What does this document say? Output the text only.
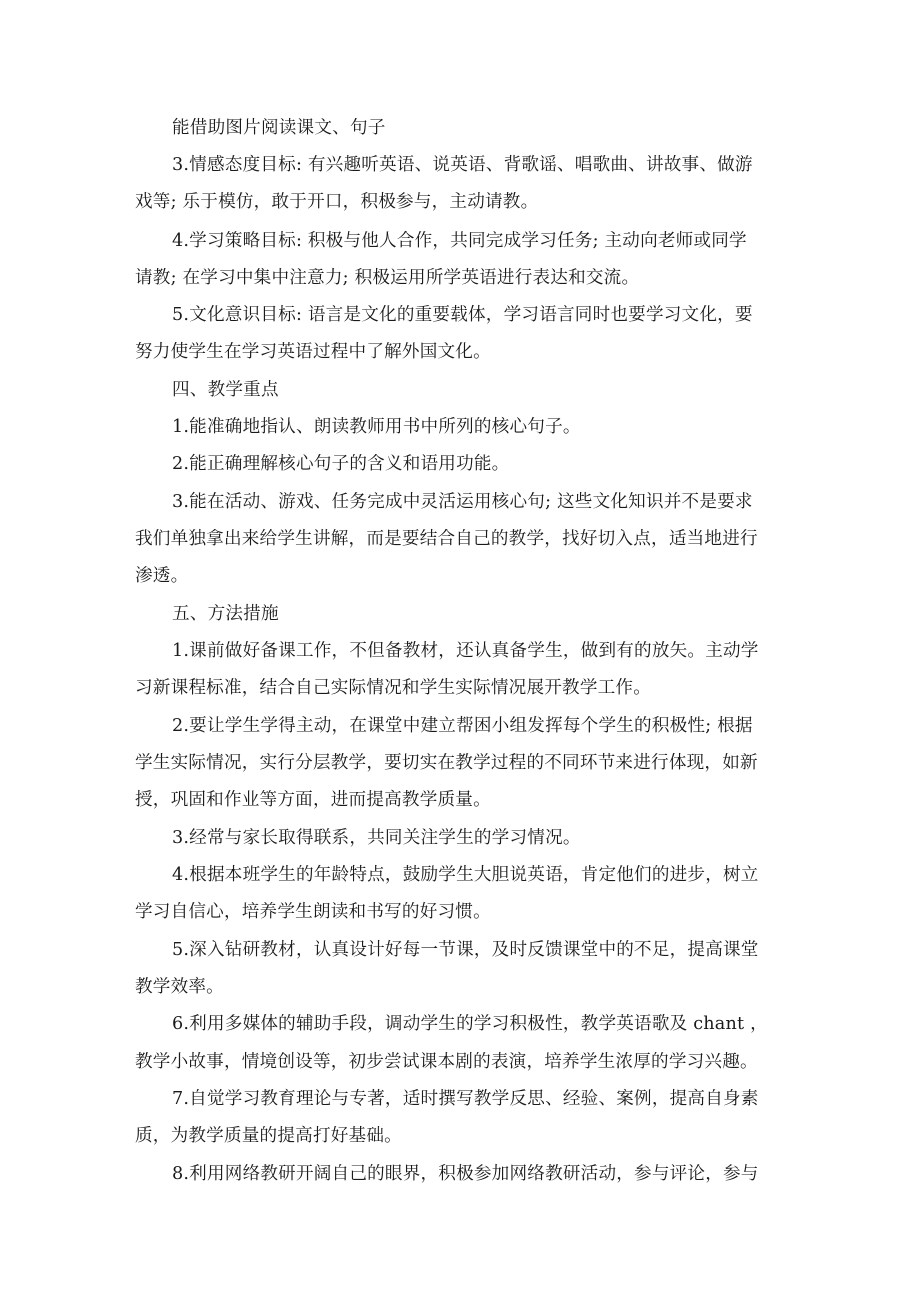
能借助图片阅读课文、句子
3.情感态度目标: 有兴趣听英语、说英语、背歌谣、唱歌曲、讲故事、做游
戏等; 乐于模仿，敢于开口，积极参与，主动请教。
4.学习策略目标: 积极与他人合作，共同完成学习任务; 主动向老师或同学
请教; 在学习中集中注意力; 积极运用所学英语进行表达和交流。
5.文化意识目标: 语言是文化的重要载体，学习语言同时也要学习文化，要
努力使学生在学习英语过程中了解外国文化。
四、教学重点
1.能准确地指认、朗读教师用书中所列的核心句子。
2.能正确理解核心句子的含义和语用功能。
3.能在活动、游戏、任务完成中灵活运用核心句; 这些文化知识并不是要求
我们单独拿出来给学生讲解，而是要结合自己的教学，找好切入点，适当地进行
渗透。
五、方法措施
1.课前做好备课工作，不但备教材，还认真备学生，做到有的放矢。主动学
习新课程标准，结合自己实际情况和学生实际情况展开教学工作。
2.要让学生学得主动，在课堂中建立帮困小组发挥每个学生的积极性; 根据
学生实际情况，实行分层教学，要切实在教学过程的不同环节来进行体现，如新
授，巩固和作业等方面，进而提高教学质量。
3.经常与家长取得联系，共同关注学生的学习情况。
4.根据本班学生的年龄特点，鼓励学生大胆说英语，肯定他们的进步，树立
学习自信心，培养学生朗读和书写的好习惯。
5.深入钻研教材，认真设计好每一节课，及时反馈课堂中的不足，提高课堂
教学效率。
6.利用多媒体的辅助手段，调动学生的学习积极性，教学英语歌及 chant ，
教学小故事，情境创设等，初步尝试课本剧的表演，培养学生浓厚的学习兴趣。
7.自觉学习教育理论与专著，适时撰写教学反思、经验、案例，提高自身素
质，为教学质量的提高打好基础。
8.利用网络教研开阔自己的眼界，积极参加网络教研活动，参与评论，参与
